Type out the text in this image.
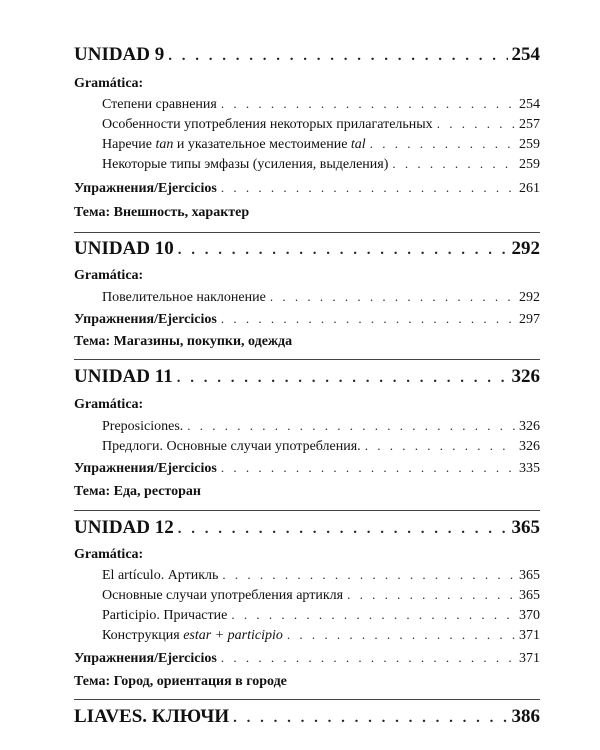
UNIDAD 9 . . .	254
Gramática:
Степени сравнения . . .	254
Особенности употребления некоторых прилагательных . . .	257
Наречие tan и указательное местоимение tal . . .	259
Некоторые типы эмфазы (усиления, выделения) . . .	259
Упражнения/Ejercicios . . .	261
Тема: Внешность, характер
UNIDAD 10 . . .	292
Gramática:
Повелительное наклонение . . .	292
Упражнения/Ejercicios . . .	297
Тема: Магазины, покупки, одежда
UNIDAD 11 . . .	326
Gramática:
Preposiciones. . . .	326
Предлоги. Основные случаи употребления. . . .	326
Упражнения/Ejercicios . . .	335
Тема: Еда, ресторан
UNIDAD 12 . . .	365
Gramática:
El artículo. Артикль . . .	365
Основные случаи употребления артикля . . .	365
Participio. Причастие . . .	370
Конструкция estar + participio . . .	371
Упражнения/Ejercicios . . .	371
Тема: Город, ориентация в городе
LIAVES. КЛЮЧИ . . .	386
